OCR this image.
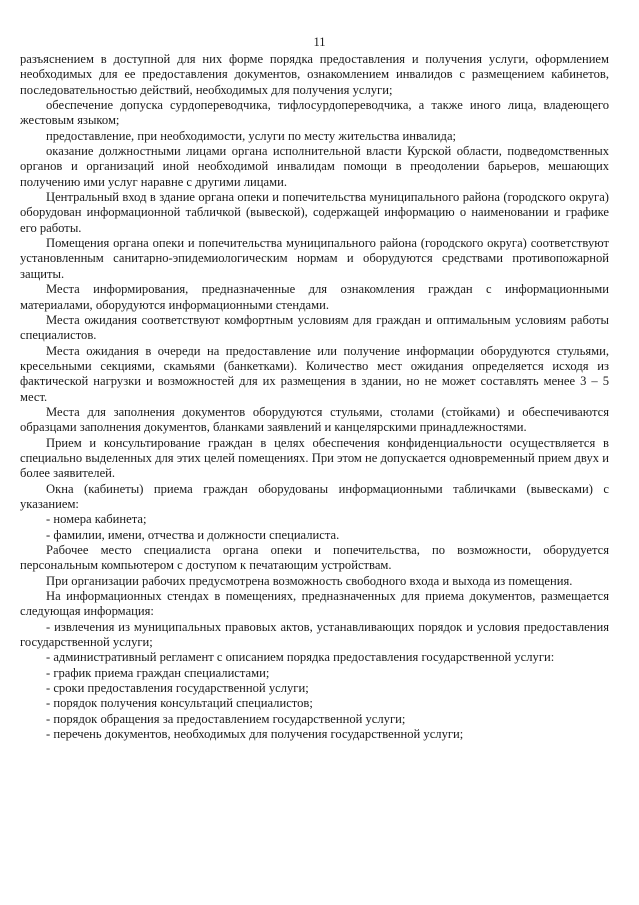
11

разъяснением в доступной для них форме порядка предоставления и получения услуги, оформлением необходимых для ее предоставления документов, ознакомлением инвалидов с размещением кабинетов, последовательностью действий, необходимых для получения услуги;

обеспечение допуска сурдопереводчика, тифлосурдопереводчика, а также иного лица, владеющего жестовым языком;

предоставление, при необходимости, услуги по месту жительства инвалида;

оказание должностными лицами органа исполнительной власти Курской области, подведомственных органов и организаций иной необходимой инвалидам помощи в преодолении барьеров, мешающих получению ими услуг наравне с другими лицами.

Центральный вход в здание органа опеки и попечительства муниципального района (городского округа) оборудован информационной табличкой (вывеской), содержащей информацию о наименовании и графике его работы.

Помещения органа опеки и попечительства муниципального района (городского округа) соответствуют установленным санитарно-эпидемиологическим нормам и оборудуются средствами противопожарной защиты.

Места информирования, предназначенные для ознакомления граждан с информационными материалами, оборудуются информационными стендами.

Места ожидания соответствуют комфортным условиям для граждан и оптимальным условиям работы специалистов.

Места ожидания в очереди на предоставление или получение информации оборудуются стульями, кресельными секциями, скамьями (банкетками). Количество мест ожидания определяется исходя из фактической нагрузки и возможностей для их размещения в здании, но не может составлять менее 3 – 5 мест.

Места для заполнения документов оборудуются стульями, столами (стойками) и обеспечиваются образцами заполнения документов, бланками заявлений и канцелярскими принадлежностями.

Прием и консультирование граждан в целях обеспечения конфиденциальности осуществляется в специально выделенных для этих целей помещениях. При этом не допускается одновременный прием двух и более заявителей.

Окна (кабинеты) приема граждан оборудованы информационными табличками (вывесками) с указанием:

- номера кабинета;

- фамилии, имени, отчества и должности специалиста.

Рабочее место специалиста органа опеки и попечительства, по возможности, оборудуется персональным компьютером с доступом к печатающим устройствам.

При организации рабочих предусмотрена возможность свободного входа и выхода из помещения.

На информационных стендах в помещениях, предназначенных для приема документов, размещается следующая информация:

- извлечения из муниципальных правовых актов, устанавливающих порядок и условия предоставления государственной услуги;

- административный регламент с описанием порядка предоставления государственной услуги:

- график приема граждан специалистами;

- сроки предоставления государственной услуги;

- порядок получения консультаций специалистов;

- порядок обращения за предоставлением государственной услуги;

- перечень документов, необходимых для получения государственной услуги;
